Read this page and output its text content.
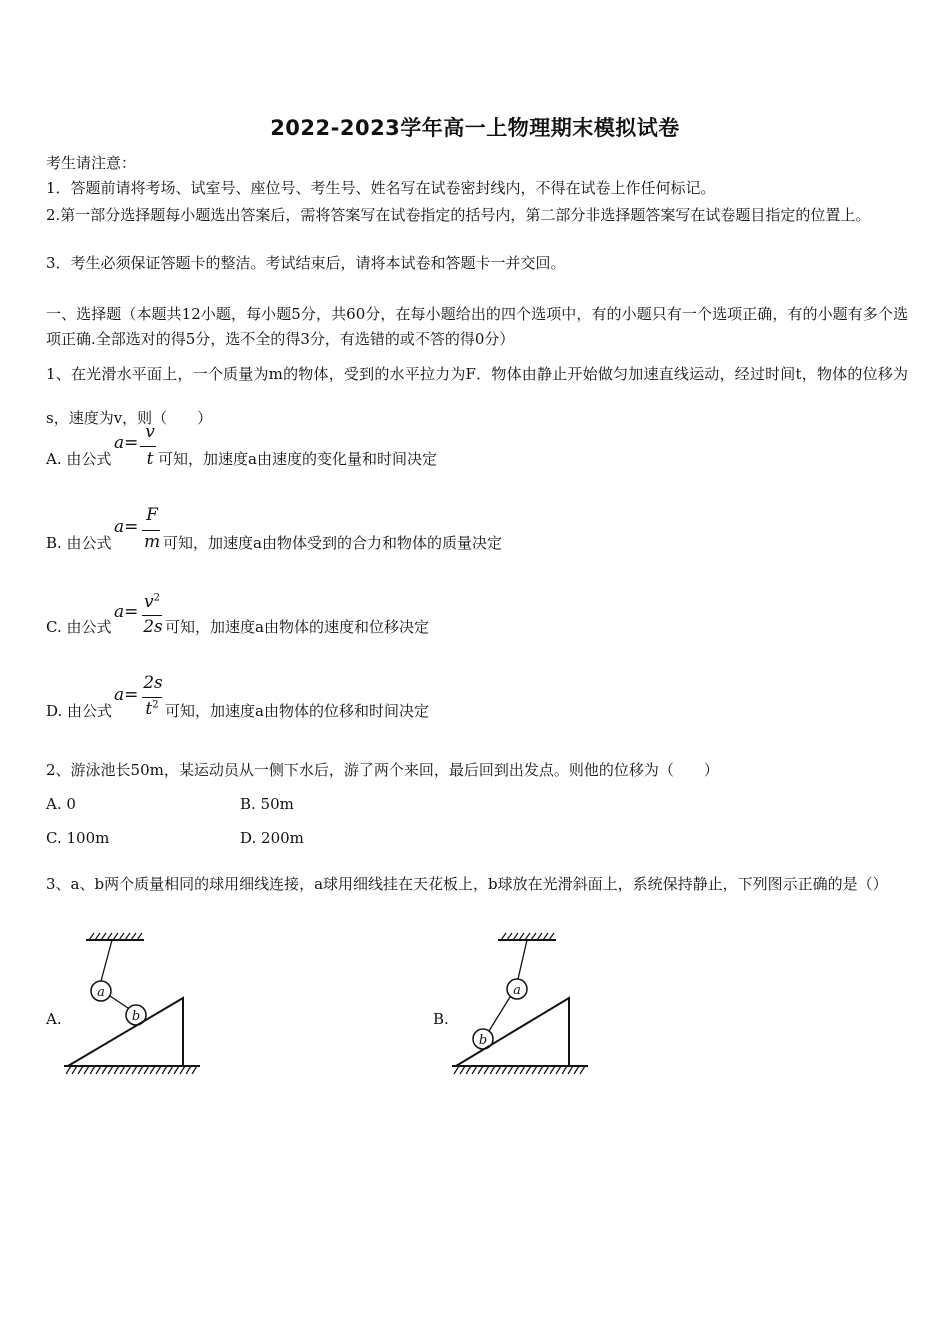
2022-2023学年高一上物理期末模拟试卷
考生请注意：
1．答题前请将考场、试室号、座位号、考生号、姓名写在试卷密封线内，不得在试卷上作任何标记。
2.第一部分选择题每小题选出答案后，需将答案写在试卷指定的括号内，第二部分非选择题答案写在试卷题目指定的位置上。
3．考生必须保证答题卡的整洁。考试结束后，请将本试卷和答题卡一并交回。
一、选择题（本题共12小题，每小题5分，共60分，在每小题给出的四个选项中，有的小题只有一个选项正确，有的小题有多个选项正确.全部选对的得5分，选不全的得3分，有选错的或不答的得0分）
1、在光滑水平面上，一个质量为m的物体，受到的水平拉力为F．物体由静止开始做匀加速直线运动，经过时间t，物体的位移为s，速度为v，则（　　）
A. 由公式
a=
v
t 可知，加速度a由速度的变化量和时间决定
B. 由公式
a=
F
m 可知，加速度a由物体受到的合力和物体的质量决定
C. 由公式
$a= v^2$
2s 可知，加速度a由物体的速度和位移决定
D. 由公式
a=
2s
$t^2$ 可知，加速度a由物体的位移和时间决定
2、游泳池长50m，某运动员从一侧下水后，游了两个来回，最后回到出发点。则他的位移为（　　）
A. 0	B. 50m
C. 100m	D. 200m
3、a、b两个质量相同的球用细线连接，a球用细线挂在天花板上，b球放在光滑斜面上，系统保持静止，下列图示正确的是（）
A.
a
b	B.
a
b
